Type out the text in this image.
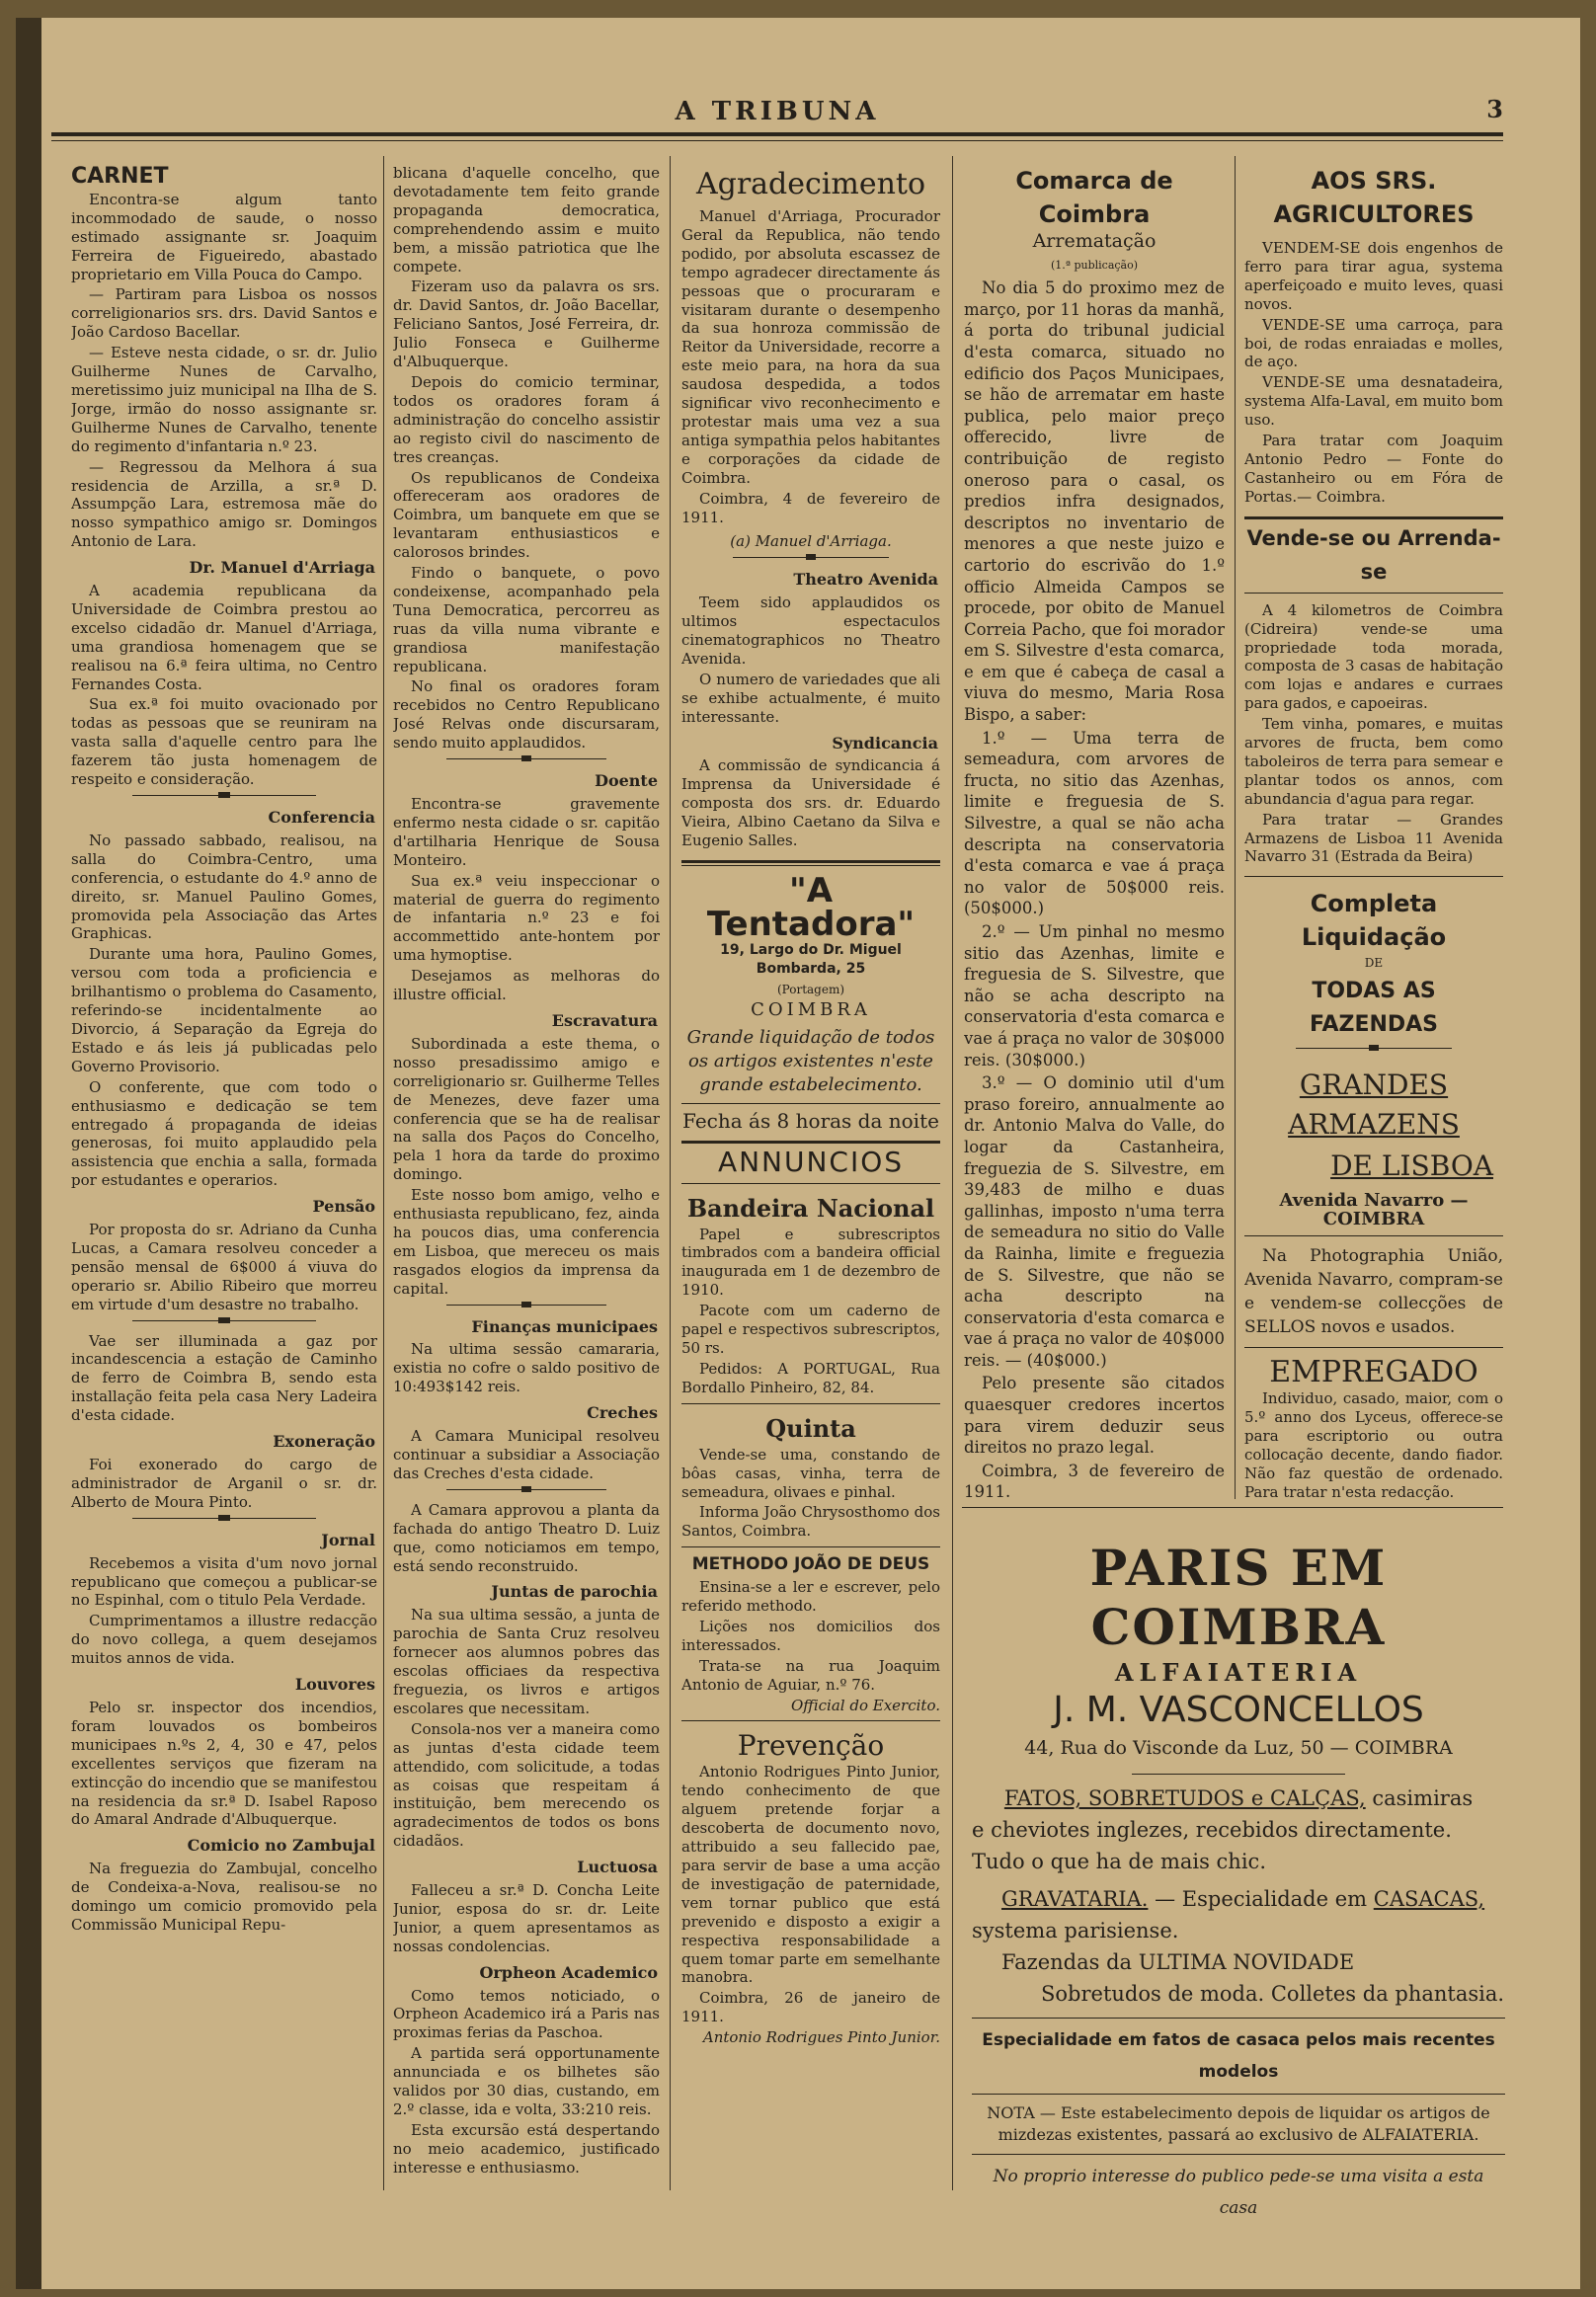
A TRIBUNA	3
CARNET

Encontra-se algum tanto incommodado de saude, o nosso estimado assignante sr. Joaquim Ferreira de Figueiredo, abastado proprietario em Villa Pouca do Campo.

— Partiram para Lisboa os nossos correligionarios srs. drs. David Santos e João Cardoso Bacellar.

— Esteve nesta cidade, o sr. dr. Julio Guilherme Nunes de Carvalho, meretissimo juiz municipal na Ilha de S. Jorge, irmão do nosso assignante sr. Guilherme Nunes de Carvalho, tenente do regimento d'infantaria n.º 23.

— Regressou da Melhora á sua residencia de Arzilla, a sr.ª D. Assumpção Lara, estremosa mãe do nosso sympathico amigo sr. Domingos Antonio de Lara.

Dr. Manuel d'Arriaga

A academia republicana da Universidade de Coimbra prestou ao excelso cidadão dr. Manuel d'Arriaga, uma grandiosa homenagem que se realisou na 6.ª feira ultima, no Centro Fernandes Costa.

Sua ex.ª foi muito ovacionado por todas as pessoas que se reuniram na vasta salla d'aquelle centro para lhe fazerem tão justa homenagem de respeito e consideração.

Conferencia

No passado sabbado, realisou, na salla do Coimbra-Centro, uma conferencia, o estudante do 4.º anno de direito, sr. Manuel Paulino Gomes, promovida pela Associação das Artes Graphicas.

Durante uma hora, Paulino Gomes, versou com toda a proficiencia e brilhantismo o problema do Casamento, referindo-se incidentalmente ao Divorcio, á Separação da Egreja do Estado e ás leis já publicadas pelo Governo Provisorio.

O conferente, que com todo o enthusiasmo e dedicação se tem entregado á propaganda de ideias generosas, foi muito applaudido pela assistencia que enchia a salla, formada por estudantes e operarios.

Pensão

Por proposta do sr. Adriano da Cunha Lucas, a Camara resolveu conceder a pensão mensal de 6$000 á viuva do operario sr. Abilio Ribeiro que morreu em virtude d'um desastre no trabalho.

Vae ser illuminada a gaz por incandescencia a estação de Caminho de ferro de Coimbra B, sendo esta installação feita pela casa Nery Ladeira d'esta cidade.

Exoneração

Foi exonerado do cargo de administrador de Arganil o sr. dr. Alberto de Moura Pinto.

Jornal

Recebemos a visita d'um novo jornal republicano que começou a publicar-se no Espinhal, com o titulo Pela Verdade.

Cumprimentamos a illustre redacção do novo collega, a quem desejamos muitos annos de vida.

Louvores

Pelo sr. inspector dos incendios, foram louvados os bombeiros municipaes n.ºs 2, 4, 30 e 47, pelos excellentes serviços que fizeram na extincção do incendio que se manifestou na residencia da sr.ª D. Isabel Raposo do Amaral Andrade d'Albuquerque.

Comicio no Zambujal

Na freguezia do Zambujal, concelho de Condeixa-a-Nova, realisou-se no domingo um comicio promovido pela Commissão Municipal Repu-

blicana d'aquelle concelho, que devotadamente tem feito grande propaganda democratica, comprehendendo assim e muito bem, a missão patriotica que lhe compete.

Fizeram uso da palavra os srs. dr. David Santos, dr. João Bacellar, Feliciano Santos, José Ferreira, dr. Julio Fonseca e Guilherme d'Albuquerque.

Depois do comicio terminar, todos os oradores foram á administração do concelho assistir ao registo civil do nascimento de tres creanças.

Os republicanos de Condeixa offereceram aos oradores de Coimbra, um banquete em que se levantaram enthusiasticos e calorosos brindes.

Findo o banquete, o povo condeixense, acompanhado pela Tuna Democratica, percorreu as ruas da villa numa vibrante e grandiosa manifestação republicana.

No final os oradores foram recebidos no Centro Republicano José Relvas onde discursaram, sendo muito applaudidos.

Doente

Encontra-se gravemente enfermo nesta cidade o sr. capitão d'artilharia Henrique de Sousa Monteiro.

Sua ex.ª veiu inspeccionar o material de guerra do regimento de infantaria n.º 23 e foi accommettido ante-hontem por uma hymoptise.

Desejamos as melhoras do illustre official.

Escravatura

Subordinada a este thema, o nosso presadissimo amigo e correligionario sr. Guilherme Telles de Menezes, deve fazer uma conferencia que se ha de realisar na salla dos Paços do Concelho, pela 1 hora da tarde do proximo domingo.

Este nosso bom amigo, velho e enthusiasta republicano, fez, ainda ha poucos dias, uma conferencia em Lisboa, que mereceu os mais rasgados elogios da imprensa da capital.

Finanças municipaes

Na ultima sessão camararia, existia no cofre o saldo positivo de 10:493$142 reis.

Creches

A Camara Municipal resolveu continuar a subsidiar a Associação das Creches d'esta cidade.

A Camara approvou a planta da fachada do antigo Theatro D. Luiz que, como noticiamos em tempo, está sendo reconstruido.

Juntas de parochia

Na sua ultima sessão, a junta de parochia de Santa Cruz resolveu fornecer aos alumnos pobres das escolas officiaes da respectiva freguezia, os livros e artigos escolares que necessitam.

Consola-nos ver a maneira como as juntas d'esta cidade teem attendido, com solicitude, a todas as coisas que respeitam á instituição, bem merecendo os agradecimentos de todos os bons cidadãos.

Luctuosa

Falleceu a sr.ª D. Concha Leite Junior, esposa do sr. dr. Leite Junior, a quem apresentamos as nossas condolencias.

Orpheon Academico

Como temos noticiado, o Orpheon Academico irá a Paris nas proximas ferias da Paschoa.

A partida será opportunamente annunciada e os bilhetes são validos por 30 dias, custando, em 2.º classe, ida e volta, 33:210 reis.

Esta excursão está despertando no meio academico, justificado interesse e enthusiasmo.

Agradecimento

Manuel d'Arriaga, Procurador Geral da Republica, não tendo podido, por absoluta escassez de tempo agradecer directamente ás pessoas que o procuraram e visitaram durante o desempenho da sua honroza commissão de Reitor da Universidade, recorre a este meio para, na hora da sua saudosa despedida, a todos significar vivo reconhecimento e protestar mais uma vez a sua antiga sympathia pelos habitantes e corporações da cidade de Coimbra.

Coimbra, 4 de fevereiro de 1911.

(a) Manuel d'Arriaga.

Theatro Avenida

Teem sido applaudidos os ultimos espectaculos cinematographicos no Theatro Avenida.

O numero de variedades que ali se exhibe actualmente, é muito interessante.

Syndicancia

A commissão de syndicancia á Imprensa da Universidade é composta dos srs. dr. Eduardo Vieira, Albino Caetano da Silva e Eugenio Salles.

"A Tentadora"

19, Largo do Dr. Miguel Bombarda, 25

(Portagem)

COIMBRA

Grande liquidação de todos os artigos existentes n'este grande estabelecimento.

Fecha ás 8 horas da noite

ANNUNCIOS
Bandeira Nacional

Papel e subrescriptos timbrados com a bandeira official inaugurada em 1 de dezembro de 1910.

Pacote com um caderno de papel e respectivos subrescriptos, 50 rs.

Pedidos: A PORTUGAL, Rua Bordallo Pinheiro, 82, 84.

Quinta

Vende-se uma, constando de bôas casas, vinha, terra de semeadura, olivaes e pinhal.

Informa João Chrysosthomo dos Santos, Coimbra.

METHODO JOÃO DE DEUS

Ensina-se a ler e escrever, pelo referido methodo.

Lições nos domicilios dos interessados.

Trata-se na rua Joaquim Antonio de Aguiar, n.º 76.

Official do Exercito.

Prevenção

Antonio Rodrigues Pinto Junior, tendo conhecimento de que alguem pretende forjar a descoberta de documento novo, attribuido a seu fallecido pae, para servir de base a uma acção de investigação de paternidade, vem tornar publico que está prevenido e disposto a exigir a respectiva responsabilidade a quem tomar parte em semelhante manobra.

Coimbra, 26 de janeiro de 1911.

Antonio Rodrigues Pinto Junior.

Comarca de Coimbra

Arrematação

(1.ª publicação)

No dia 5 do proximo mez de março, por 11 horas da manhã, á porta do tribunal judicial d'esta comarca, situado no edificio dos Paços Municipaes, se hão de arrematar em haste publica, pelo maior preço offerecido, livre de contribuição de registo oneroso para o casal, os predios infra designados, descriptos no inventario de menores a que neste juizo e cartorio do escrivão do 1.º officio Almeida Campos se procede, por obito de Manuel Correia Pacho, que foi morador em S. Silvestre d'esta comarca, e em que é cabeça de casal a viuva do mesmo, Maria Rosa Bispo, a saber:

1.º — Uma terra de semeadura, com arvores de fructa, no sitio das Azenhas, limite e freguesia de S. Silvestre, a qual se não acha descripta na conservatoria d'esta comarca e vae á praça no valor de 50$000 reis. (50$000.)

2.º — Um pinhal no mesmo sitio das Azenhas, limite e freguesia de S. Silvestre, que não se acha descripto na conservatoria d'esta comarca e vae á praça no valor de 30$000 reis. (30$000.)

3.º — O dominio util d'um praso foreiro, annualmente ao dr. Antonio Malva do Valle, do logar da Castanheira, freguezia de S. Silvestre, em 39,483 de milho e duas gallinhas, imposto n'uma terra de semeadura no sitio do Valle da Rainha, limite e freguezia de S. Silvestre, que não se acha descripto na conservatoria d'esta comarca e vae á praça no valor de 40$000 reis. — (40$000.)

Pelo presente são citados quaesquer credores incertos para virem deduzir seus direitos no prazo legal.

Coimbra, 3 de fevereiro de 1911.

AOS SRS. AGRICULTORES

VENDEM-SE dois engenhos de ferro para tirar agua, systema aperfeiçoado e muito leves, quasi novos.

VENDE-SE uma carroça, para boi, de rodas enraiadas e molles, de aço.

VENDE-SE uma desnatadeira, systema Alfa-Laval, em muito bom uso.

Para tratar com Joaquim Antonio Pedro — Fonte do Castanheiro ou em Fóra de Portas.— Coimbra.

Vende-se ou Arrenda-se

A 4 kilometros de Coimbra (Cidreira) vende-se uma propriedade toda morada, composta de 3 casas de habitação com lojas e andares e curraes para gados, e capoeiras.

Tem vinha, pomares, e muitas arvores de fructa, bem como taboleiros de terra para semear e plantar todos os annos, com abundancia d'agua para regar.

Para tratar — Grandes Armazens de Lisboa 11 Avenida Navarro 31 (Estrada da Beira)

Completa Liquidação

DE

TODAS AS FAZENDAS

GRANDES ARMAZENS

DE LISBOA

Avenida Navarro — COIMBRA

Na Photographia União, Avenida Navarro, compram-se e vendem-se collecções de SELLOS novos e usados.

EMPREGADO

Individuo, casado, maior, com o 5.º anno dos Lyceus, offerece-se para escriptorio ou outra collocação decente, dando fiador. Não faz questão de ordenado. Para tratar n'esta redacção.

PARIS EM COIMBRA
ALFAIATERIA
J. M. VASCONCELLOS
44, Rua do Visconde da Luz, 50 — COIMBRA
FATOS, SOBRETUDOS e CALÇAS, casimiras
e cheviotes inglezes, recebidos directamente. Tudo o que ha de mais chic.
GRAVATARIA. — Especialidade em CASACAS,
systema parisiense.
Fazendas da ULTIMA NOVIDADE
Sobretudos de moda. Colletes da phantasia.
Especialidade em fatos de casaca pelos mais recentes modelos
NOTA — Este estabelecimento depois de liquidar os artigos de mizdezas existentes, passará ao exclusivo de ALFAIATERIA.
No proprio interesse do publico pede-se uma visita a esta casa
